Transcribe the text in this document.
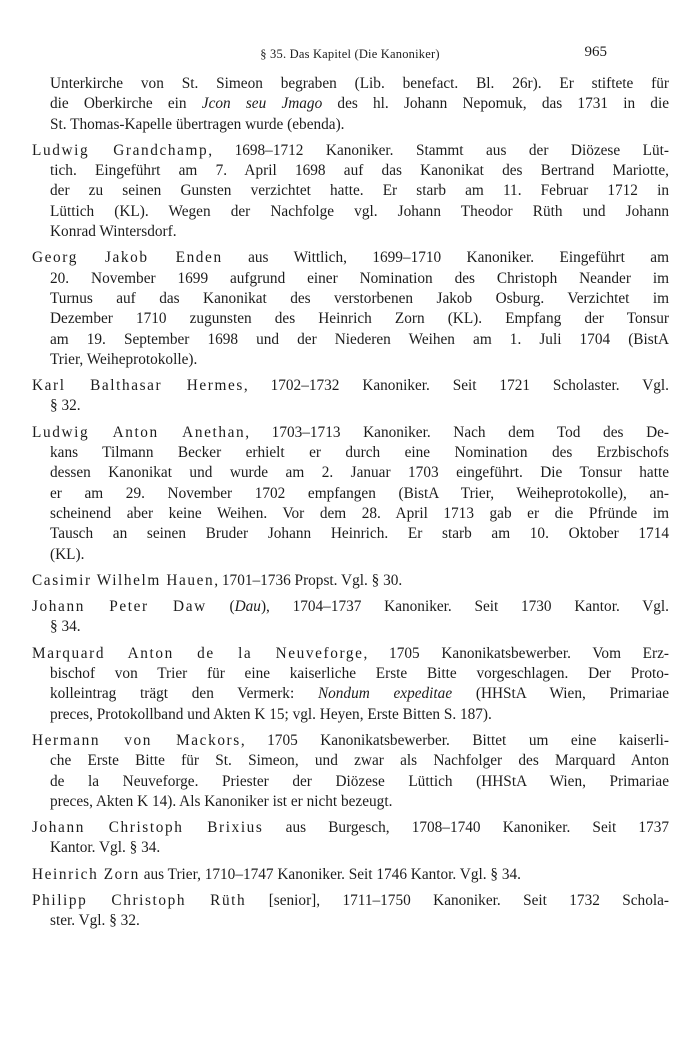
§ 35. Das Kapitel (Die Kanoniker)	965
Unterkirche von St. Simeon begraben (Lib. benefact. Bl. 26r). Er stiftete für
die Oberkirche ein Jcon seu Jmago des hl. Johann Nepomuk, das 1731 in die
St. Thomas-Kapelle übertragen wurde (ebenda).
Ludwig Grandchamp, 1698–1712 Kanoniker. Stammt aus der Diözese Lüt-
tich. Eingeführt am 7. April 1698 auf das Kanonikat des Bertrand Mariotte,
der zu seinen Gunsten verzichtet hatte. Er starb am 11. Februar 1712 in
Lüttich (KL). Wegen der Nachfolge vgl. Johann Theodor Rüth und Johann
Konrad Wintersdorf.
Georg Jakob Enden aus Wittlich, 1699–1710 Kanoniker. Eingeführt am
20. November 1699 aufgrund einer Nomination des Christoph Neander im
Turnus auf das Kanonikat des verstorbenen Jakob Osburg. Verzichtet im
Dezember 1710 zugunsten des Heinrich Zorn (KL). Empfang der Tonsur
am 19. September 1698 und der Niederen Weihen am 1. Juli 1704 (BistA
Trier, Weiheprotokolle).
Karl Balthasar Hermes, 1702–1732 Kanoniker. Seit 1721 Scholaster. Vgl.
§ 32.
Ludwig Anton Anethan, 1703–1713 Kanoniker. Nach dem Tod des De-
kans Tilmann Becker erhielt er durch eine Nomination des Erzbischofs
dessen Kanonikat und wurde am 2. Januar 1703 eingeführt. Die Tonsur hatte
er am 29. November 1702 empfangen (BistA Trier, Weiheprotokolle), an-
scheinend aber keine Weihen. Vor dem 28. April 1713 gab er die Pfründe im
Tausch an seinen Bruder Johann Heinrich. Er starb am 10. Oktober 1714
(KL).
Casimir Wilhelm Hauen, 1701–1736 Propst. Vgl. § 30.
Johann Peter Daw (Dau), 1704–1737 Kanoniker. Seit 1730 Kantor. Vgl.
§ 34.
Marquard Anton de la Neuveforge, 1705 Kanonikatsbewerber. Vom Erz-
bischof von Trier für eine kaiserliche Erste Bitte vorgeschlagen. Der Proto-
kolleintrag trägt den Vermerk: Nondum expeditae (HHStA Wien, Primariae
preces, Protokollband und Akten K 15; vgl. Heyen, Erste Bitten S. 187).
Hermann von Mackors, 1705 Kanonikatsbewerber. Bittet um eine kaiserli-
che Erste Bitte für St. Simeon, und zwar als Nachfolger des Marquard Anton
de la Neuveforge. Priester der Diözese Lüttich (HHStA Wien, Primariae
preces, Akten K 14). Als Kanoniker ist er nicht bezeugt.
Johann Christoph Brixius aus Burgesch, 1708–1740 Kanoniker. Seit 1737
Kantor. Vgl. § 34.
Heinrich Zorn aus Trier, 1710–1747 Kanoniker. Seit 1746 Kantor. Vgl. § 34.
Philipp Christoph Rüth [senior], 1711–1750 Kanoniker. Seit 1732 Schola-
ster. Vgl. § 32.
